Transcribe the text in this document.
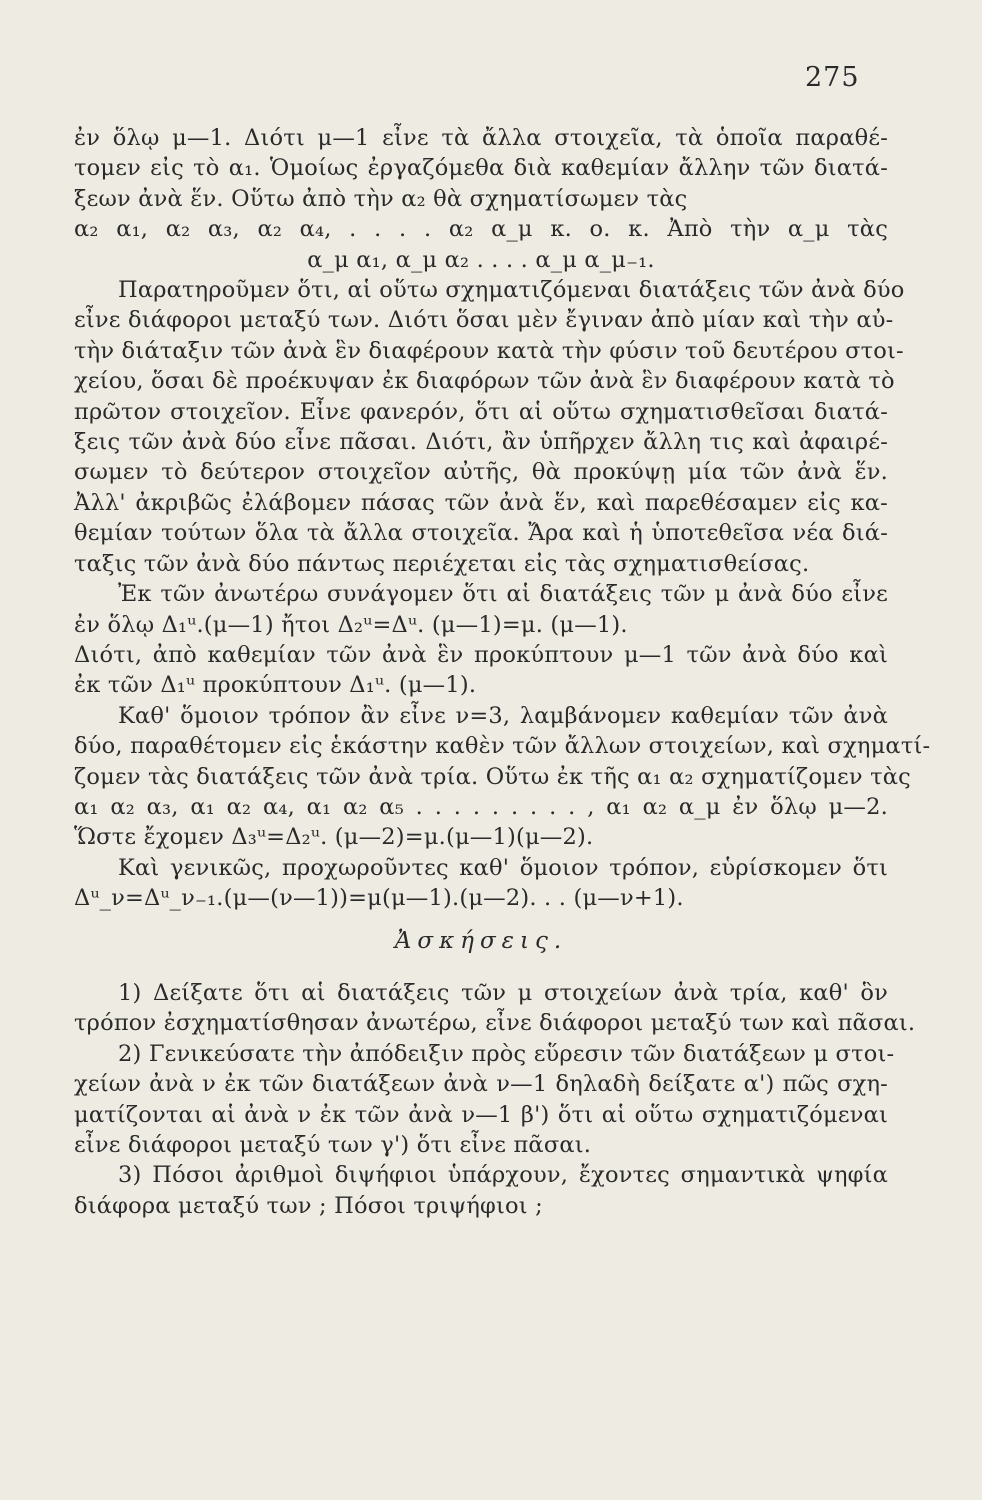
275
ἐν ὅλῳ μ—1. Διότι μ—1 εἶνε τὰ ἄλλα στοιχεῖα, τὰ ὁποῖα παραθέ-
τομεν εἰς τὸ α₁. Ὁμοίως ἐργαζόμεθα διὰ καθεμίαν ἄλλην τῶν διατά-
ξεων ἀνὰ ἕν. Οὕτω ἀπὸ τὴν α₂ θὰ σχηματίσωμεν τὰς
α₂ α₁, α₂ α₃, α₂ α₄, . . . . α₂ α_μ κ. ο. κ. Ἀπὸ τὴν α_μ τὰς
α_μ α₁, α_μ α₂ . . . . α_μ α_μ₋₁.
Παρατηροῦμεν ὅτι, αἱ οὕτω σχηματιζόμεναι διατάξεις τῶν ἀνὰ δύο
εἶνε διάφοροι μεταξύ των. Διότι ὅσαι μὲν ἔγιναν ἀπὸ μίαν καὶ τὴν αὐ-
τὴν διάταξιν τῶν ἀνὰ ἓν διαφέρουν κατὰ τὴν φύσιν τοῦ δευτέρου στοι-
χείου, ὅσαι δὲ προέκυψαν ἐκ διαφόρων τῶν ἀνὰ ἓν διαφέρουν κατὰ τὸ
πρῶτον στοιχεῖον. Εἶνε φανερόν, ὅτι αἱ οὕτω σχηματισθεῖσαι διατά-
ξεις τῶν ἀνὰ δύο εἶνε πᾶσαι. Διότι, ἂν ὑπῆρχεν ἄλλη τις καὶ ἀφαιρέ-
σωμεν τὸ δεύτερον στοιχεῖον αὐτῆς, θὰ προκύψῃ μία τῶν ἀνὰ ἕν.
Ἀλλ' ἀκριβῶς ἐλάβομεν πάσας τῶν ἀνὰ ἕν, καὶ παρεθέσαμεν εἰς κα-
θεμίαν τούτων ὅλα τὰ ἄλλα στοιχεῖα. Ἄρα καὶ ἡ ὑποτεθεῖσα νέα διά-
ταξις τῶν ἀνὰ δύο πάντως περιέχεται εἰς τὰς σχηματισθείσας.
Ἐκ τῶν ἀνωτέρω συνάγομεν ὅτι αἱ διατάξεις τῶν μ ἀνὰ δύο εἶνε
ἐν ὅλῳ Δ₁ᵘ.(μ—1) ἤτοι Δ₂ᵘ=Δᵘ. (μ—1)=μ. (μ—1).
Διότι, ἀπὸ καθεμίαν τῶν ἀνὰ ἓν προκύπτουν μ—1 τῶν ἀνὰ δύο καὶ
ἐκ τῶν Δ₁ᵘ προκύπτουν Δ₁ᵘ. (μ—1).
Καθ' ὅμοιον τρόπον ἂν εἶνε ν=3, λαμβάνομεν καθεμίαν τῶν ἀνὰ
δύο, παραθέτομεν εἰς ἑκάστην καθὲν τῶν ἄλλων στοιχείων, καὶ σχηματί-
ζομεν τὰς διατάξεις τῶν ἀνὰ τρία. Οὕτω ἐκ τῆς α₁ α₂ σχηματίζομεν τὰς
α₁ α₂ α₃, α₁ α₂ α₄, α₁ α₂ α₅ . . . . . . . . . , α₁ α₂ α_μ ἐν ὅλῳ μ—2.
Ὥστε ἔχομεν Δ₃ᵘ=Δ₂ᵘ. (μ—2)=μ.(μ—1)(μ—2).
Καὶ γενικῶς, προχωροῦντες καθ' ὅμοιον τρόπον, εὑρίσκομεν ὅτι
Δᵘ_ν=Δᵘ_ν₋₁.(μ—(ν—1))=μ(μ—1).(μ—2). . . (μ—ν+1).
Ἀσκήσεις.
1) Δείξατε ὅτι αἱ διατάξεις τῶν μ στοιχείων ἀνὰ τρία, καθ' ὃν
τρόπον ἐσχηματίσθησαν ἀνωτέρω, εἶνε διάφοροι μεταξύ των καὶ πᾶσαι.
2) Γενικεύσατε τὴν ἀπόδειξιν πρὸς εὕρεσιν τῶν διατάξεων μ στοι-
χείων ἀνὰ ν ἐκ τῶν διατάξεων ἀνὰ ν—1 δηλαδὴ δείξατε α') πῶς σχη-
ματίζονται αἱ ἀνὰ ν ἐκ τῶν ἀνὰ ν—1 β') ὅτι αἱ οὕτω σχηματιζόμεναι
εἶνε διάφοροι μεταξύ των γ') ὅτι εἶνε πᾶσαι.
3) Πόσοι ἀριθμοὶ διψήφιοι ὑπάρχουν, ἔχοντες σημαντικὰ ψηφία
διάφορα μεταξύ των ; Πόσοι τριψήφιοι ;
